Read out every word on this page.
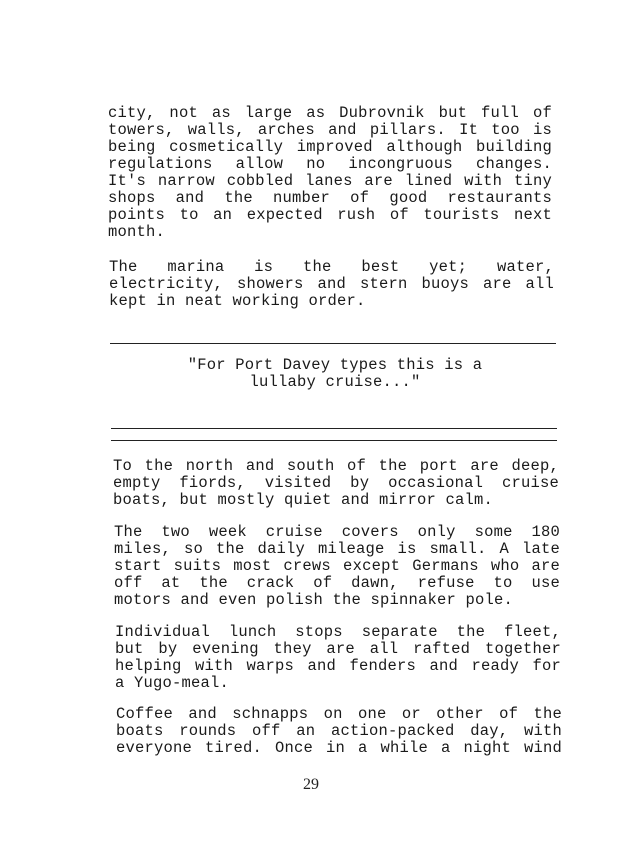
city, not as large as Dubrovnik but full of
towers, walls, arches and pillars. It too is
being cosmetically improved although building
regulations allow no incongruous changes.
It's narrow cobbled lanes are lined with tiny
shops and the number of good restaurants
points to an expected rush of tourists next
month.
The marina is the best yet; water,
electricity, showers and stern buoys are all
kept in neat working order.
"For Port Davey types this is a
lullaby cruise..."
To the north and south of the port are deep,
empty fiords, visited by occasional cruise
boats, but mostly quiet and mirror calm.
The two week cruise covers only some 180
miles, so the daily mileage is small. A late
start suits most crews except Germans who are
off at the crack of dawn, refuse to use
motors and even polish the spinnaker pole.
Individual lunch stops separate the fleet,
but by evening they are all rafted together
helping with warps and fenders and ready for
a Yugo-meal.
Coffee and schnapps on one or other of the
boats rounds off an action-packed day, with
everyone tired. Once in a while a night wind
29
